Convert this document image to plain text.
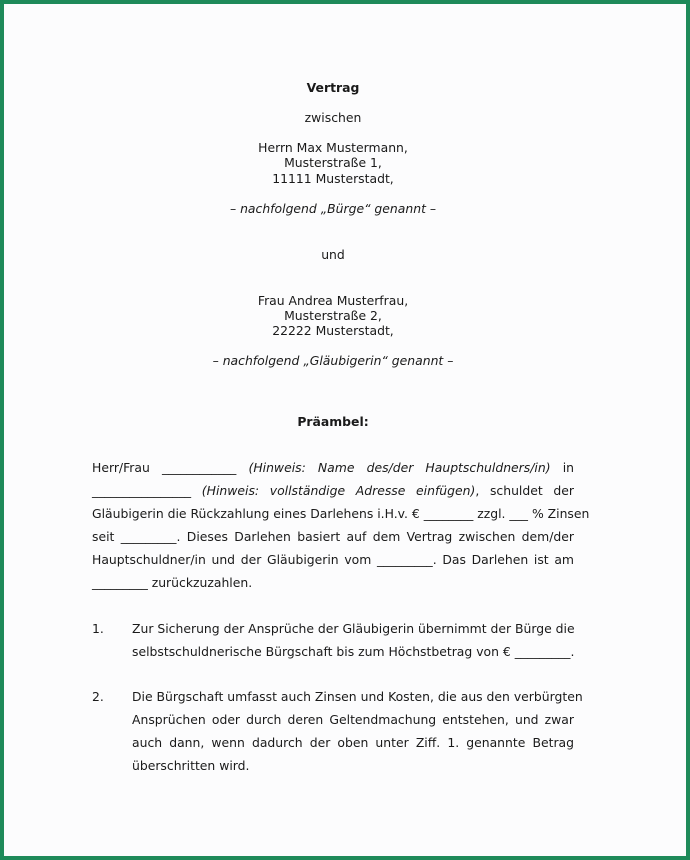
Vertrag
zwischen
Herrn Max Mustermann,
Musterstraße 1,
11111 Musterstadt,
– nachfolgend „Bürge“ genannt –
und
Frau Andrea Musterfrau,
Musterstraße 2,
22222 Musterstadt,
– nachfolgend „Gläubigerin“ genannt –
Präambel:
Herr/Frau ____________ (Hinweis: Name des/der Hauptschuldners/in) in
________________ (Hinweis: vollständige Adresse einfügen), schuldet der
Gläubigerin die Rückzahlung eines Darlehens i.H.v. € ________ zzgl. ___ % Zinsen
seit _________. Dieses Darlehen basiert auf dem Vertrag zwischen dem/der
Hauptschuldner/in und der Gläubigerin vom _________. Das Darlehen ist am
_________ zurückzuzahlen.
1. Zur Sicherung der Ansprüche der Gläubigerin übernimmt der Bürge die
selbstschuldnerische Bürgschaft bis zum Höchstbetrag von € _________.
2. Die Bürgschaft umfasst auch Zinsen und Kosten, die aus den verbürgten
Ansprüchen oder durch deren Geltendmachung entstehen, und zwar
auch dann, wenn dadurch der oben unter Ziff. 1. genannte Betrag
überschritten wird.
